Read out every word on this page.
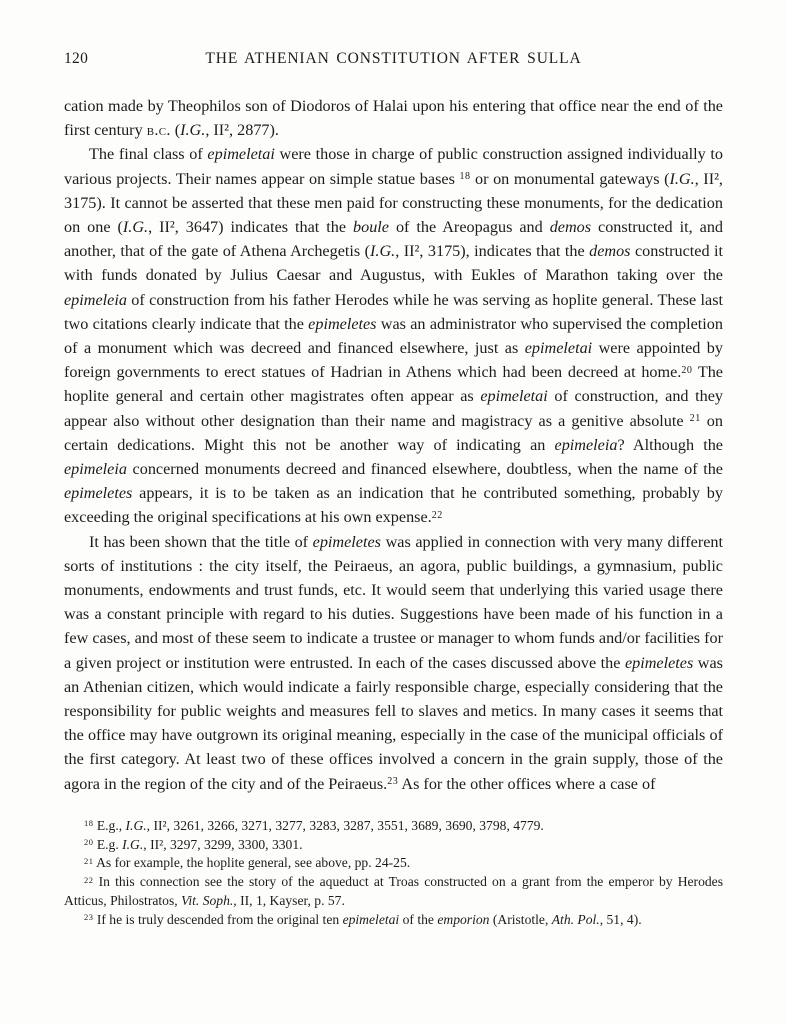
120	THE ATHENIAN CONSTITUTION AFTER SULLA

cation made by Theophilos son of Diodoros of Halai upon his entering that office near the end of the first century b.c. (I.G., II², 2877).

The final class of epimeletai were those in charge of public construction assigned individually to various projects. Their names appear on simple statue bases $^{18}$ or on monumental gateways (I.G., II², 3175). It cannot be asserted that these men paid for constructing these monuments, for the dedication on one (I.G., II², 3647) indicates that the boule of the Areopagus and demos constructed it, and another, that of the gate of Athena Archegetis (I.G., II², 3175), indicates that the demos constructed it with funds donated by Julius Caesar and Augustus, with Eukles of Marathon taking over the epimeleia of construction from his father Herodes while he was serving as hoplite general. These last two citations clearly indicate that the epimeletes was an administrator who supervised the completion of a monument which was decreed and financed elsewhere, just as epimeletai were appointed by foreign governments to erect statues of Hadrian in Athens which had been decreed at home.$^{20}$ The hoplite general and certain other magistrates often appear as epimeletai of construction, and they appear also without other designation than their name and magistracy as a genitive absolute $^{21}$ on certain dedications. Might this not be another way of indicating an epimeleia? Although the epimeleia concerned monuments decreed and financed elsewhere, doubtless, when the name of the epimeletes appears, it is to be taken as an indication that he contributed something, probably by exceeding the original specifications at his own expense.$^{22}$

It has been shown that the title of epimeletes was applied in connection with very many different sorts of institutions : the city itself, the Peiraeus, an agora, public buildings, a gymnasium, public monuments, endowments and trust funds, etc. It would seem that underlying this varied usage there was a constant principle with regard to his duties. Suggestions have been made of his function in a few cases, and most of these seem to indicate a trustee or manager to whom funds and/or facilities for a given project or institution were entrusted. In each of the cases discussed above the epimeletes was an Athenian citizen, which would indicate a fairly responsible charge, especially considering that the responsibility for public weights and measures fell to slaves and metics. In many cases it seems that the office may have outgrown its original meaning, especially in the case of the municipal officials of the first category. At least two of these offices involved a concern in the grain supply, those of the agora in the region of the city and of the Peiraeus.$^{23}$ As for the other offices where a case of

$^{18}$ E.g., I.G., II², 3261, 3266, 3271, 3277, 3283, 3287, 3551, 3689, 3690, 3798, 4779.

$^{20}$ E.g. I.G., II², 3297, 3299, 3300, 3301.

$^{21}$ As for example, the hoplite general, see above, pp. 24-25.

$^{22}$ In this connection see the story of the aqueduct at Troas constructed on a grant from the emperor by Herodes Atticus, Philostratos, Vit. Soph., II, 1, Kayser, p. 57.

$^{23}$ If he is truly descended from the original ten epimeletai of the emporion (Aristotle, Ath. Pol., 51, 4).
